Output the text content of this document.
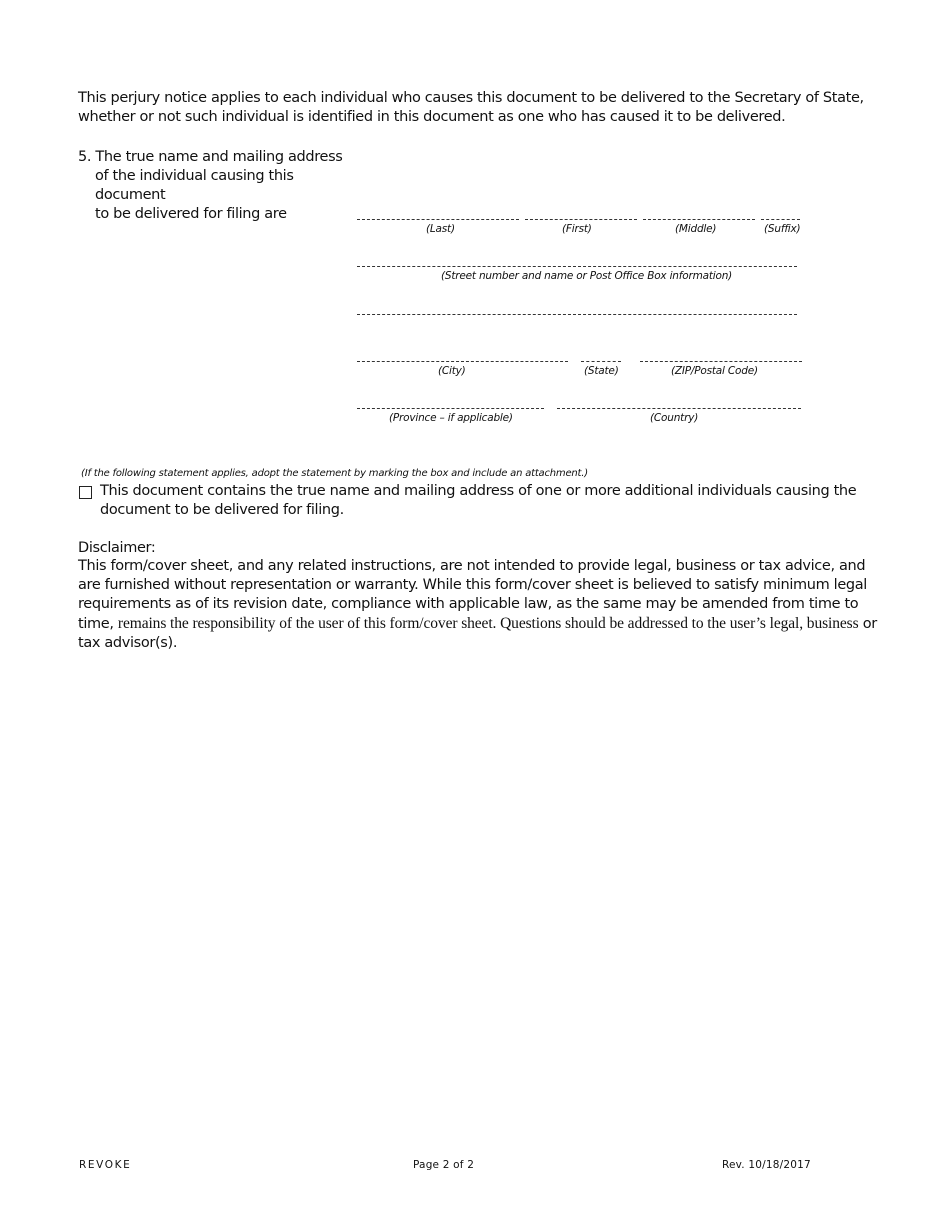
This perjury notice applies to each individual who causes this document to be delivered to the Secretary of State, whether or not such individual is identified in this document as one who has caused it to be delivered.
5. The true name and mailing address
of the individual causing this document
to be delivered for filing are
(Last)	(First)	(Middle)	(Suffix)
(Street number and name or Post Office Box information)
(City)	(State)	(ZIP/Postal Code)
(Province – if applicable)	(Country)
(If the following statement applies, adopt the statement by marking the box and include an attachment.)
This document contains the true name and mailing address of one or more additional individuals causing the
document to be delivered for filing.
Disclaimer:
This form/cover sheet, and any related instructions, are not intended to provide legal, business or tax advice, and are furnished without representation or warranty. While this form/cover sheet is believed to satisfy minimum legal requirements as of its revision date, compliance with applicable law, as the same may be amended from time to time, remains the responsibility of the user of this form/cover sheet. Questions should be addressed to the user’s legal, business or tax advisor(s).
REVOKE	Page 2 of 2	Rev. 10/18/2017
